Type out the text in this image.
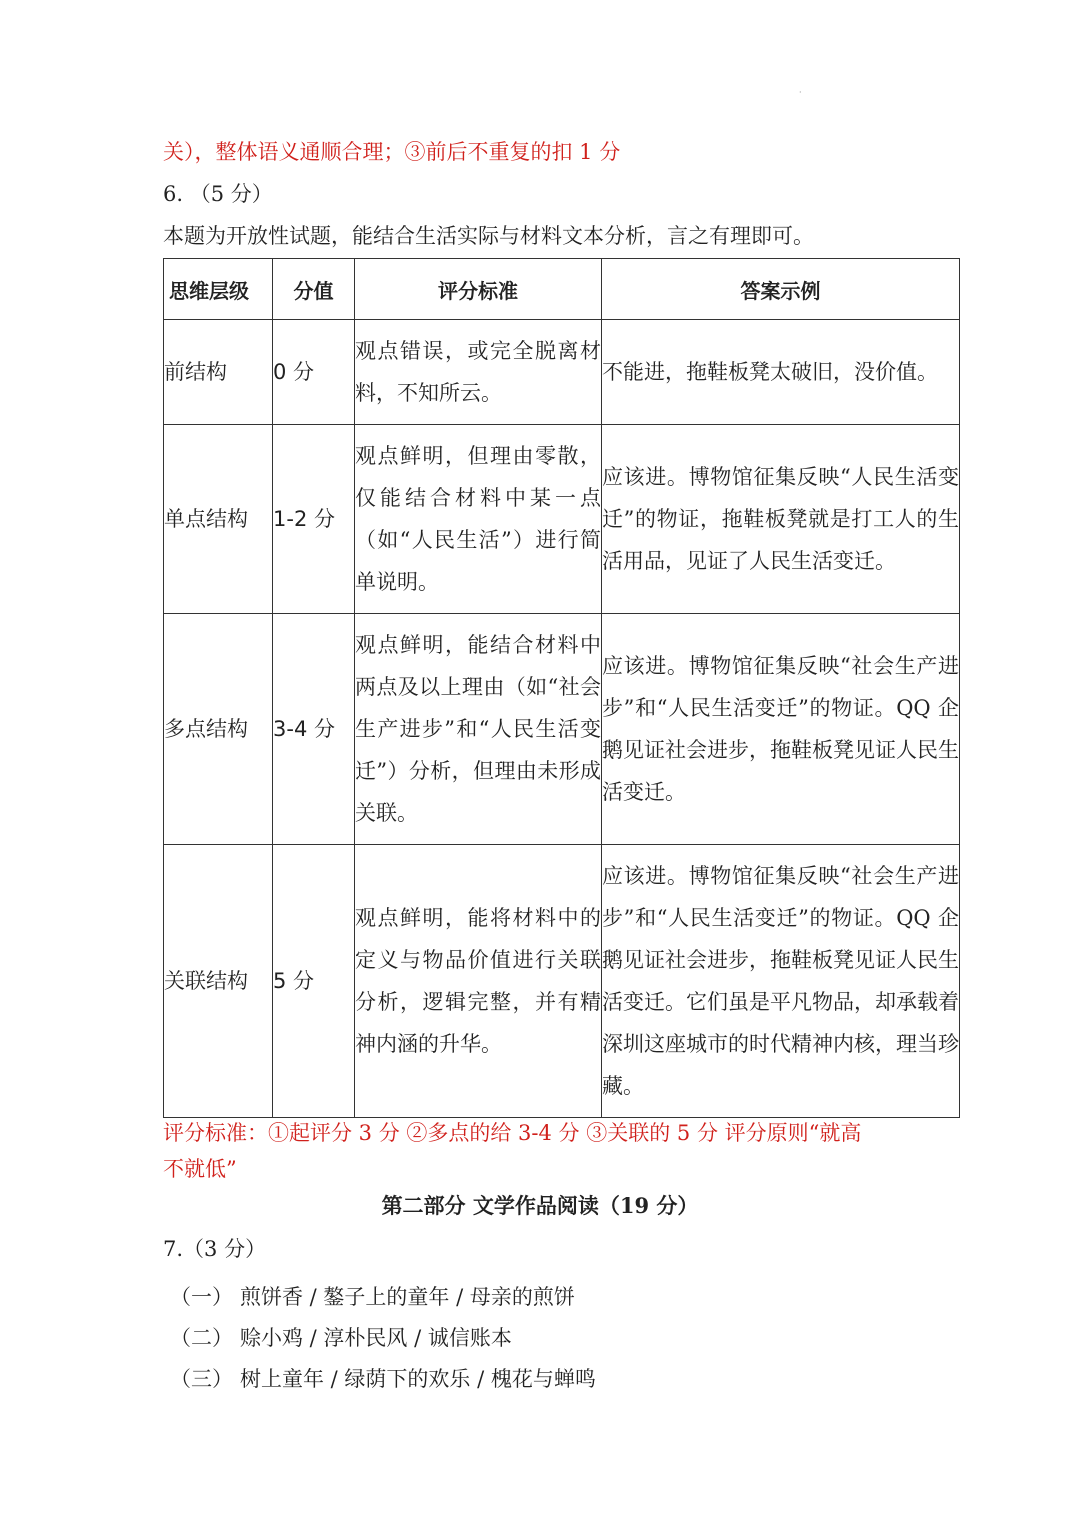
·
关），整体语义通顺合理；③前后不重复的扣 1 分
6. （5 分）
本题为开放性试题，能结合生活实际与材料文本分析，言之有理即可。
思维层级	分值	评分标准	答案示例
前结构	0 分	观点错误，或完全脱离材料，不知所云。	不能进，拖鞋板凳太破旧，没价值。
单点结构	1-2 分	观点鲜明，但理由零散，仅能结合材料中某一点（如“人民生活”）进行简单说明。	应该进。博物馆征集反映“人民生活变迁”的物证，拖鞋板凳就是打工人的生活用品，见证了人民生活变迁。
多点结构	3-4 分	观点鲜明，能结合材料中两点及以上理由（如“社会生产进步”和“人民生活变迁”）分析，但理由未形成关联。	应该进。博物馆征集反映“社会生产进步”和“人民生活变迁”的物证。QQ 企鹅见证社会进步，拖鞋板凳见证人民生活变迁。
关联结构	5 分	观点鲜明，能将材料中的定义与物品价值进行关联分析，逻辑完整，并有精神内涵的升华。	应该进。博物馆征集反映“社会生产进步”和“人民生活变迁”的物证。QQ 企鹅见证社会进步，拖鞋板凳见证人民生活变迁。它们虽是平凡物品，却承载着深圳这座城市的时代精神内核，理当珍藏。
评分标准：①起评分 3 分 ②多点的给 3-4 分 ③关联的 5 分 评分原则“就高
不就低”
第二部分 文学作品阅读（19 分）
7.（3 分）
（一） 煎饼香 / 鏊子上的童年 / 母亲的煎饼
（二） 赊小鸡 / 淳朴民风 / 诚信账本
（三） 树上童年 / 绿荫下的欢乐 / 槐花与蝉鸣
